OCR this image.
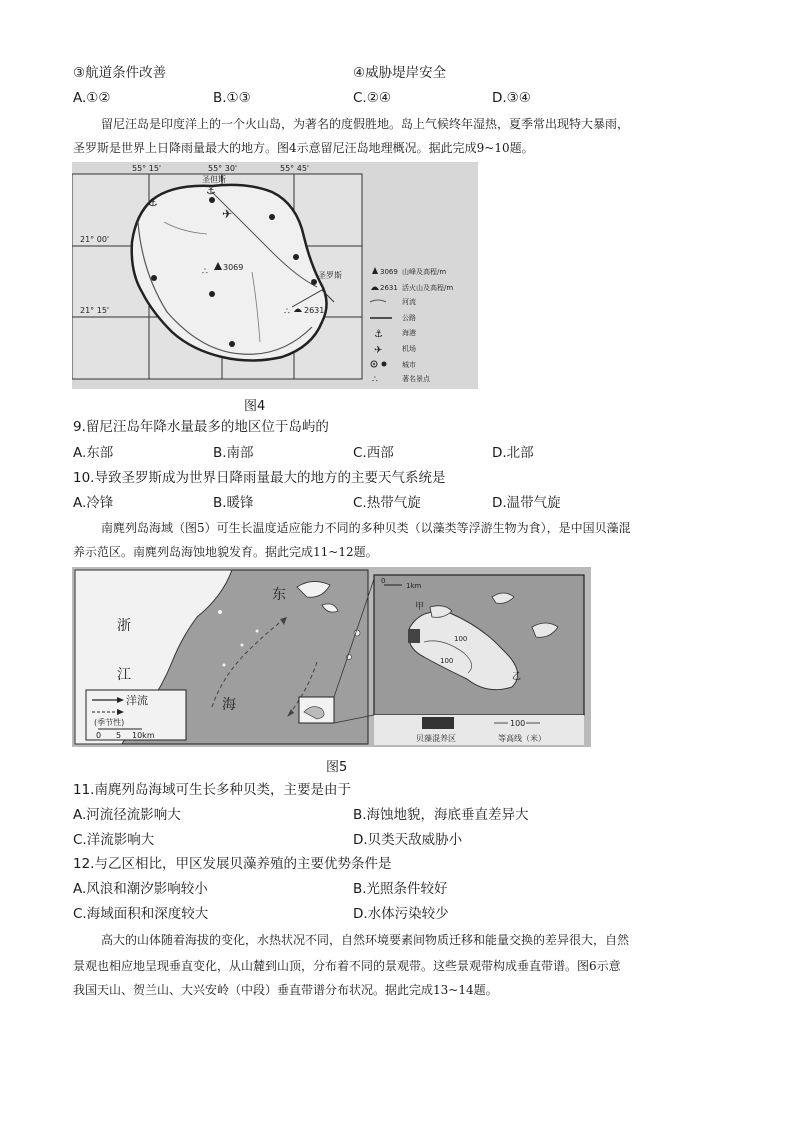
③航道条件改善	④威胁堤岸安全
A.①②	B.①③	C.②④	D.③④
留尼汪岛是印度洋上的一个火山岛，为著名的度假胜地。岛上气候终年湿热，夏季常出现特大暴雨，
圣罗斯是世界上日降雨量最大的地方。图4示意留尼汪岛地理概况。据此完成9~10题。
✈
⚓
⚓
∴ 3069
∴ 2631
圣但斯
圣罗斯
55° 15'	55° 30'	55° 45'
21° 00'
21° 15'
3069 山峰及高程/m
2631 活火山及高程/m
河流
公路
⚓	海港
✈	机场
城市
∴	著名景点
图4
9.留尼汪岛年降水量最多的地区位于岛屿的
A.东部	B.南部	C.西部	D.北部
10.导致圣罗斯成为世界日降雨量最大的地方的主要天气系统是
A.冷锋	B.暖锋	C.热带气旋	D.温带气旋
南麂列岛海域（图5）可生长温度适应能力不同的多种贝类（以藻类等浮游生物为食），是中国贝藻混
养示范区。南麂列岛海蚀地貌发育。据此完成11~12题。
浙
江
东
海
洋流
(季节性)
0 5 10km
0
1km
甲
乙
100
100
贝藻混养区
100
等高线（米）
图5
11.南麂列岛海域可生长多种贝类，主要是由于
A.河流径流影响大	B.海蚀地貌，海底垂直差异大
C.洋流影响大	D.贝类天敌威胁小
12.与乙区相比，甲区发展贝藻养殖的主要优势条件是
A.风浪和潮汐影响较小	B.光照条件较好
C.海域面积和深度较大	D.水体污染较少
高大的山体随着海拔的变化，水热状况不同，自然环境要素间物质迁移和能量交换的差异很大，自然
景观也相应地呈现垂直变化，从山麓到山顶，分布着不同的景观带。这些景观带构成垂直带谱。图6示意
我国天山、贺兰山、大兴安岭（中段）垂直带谱分布状况。据此完成13~14题。
